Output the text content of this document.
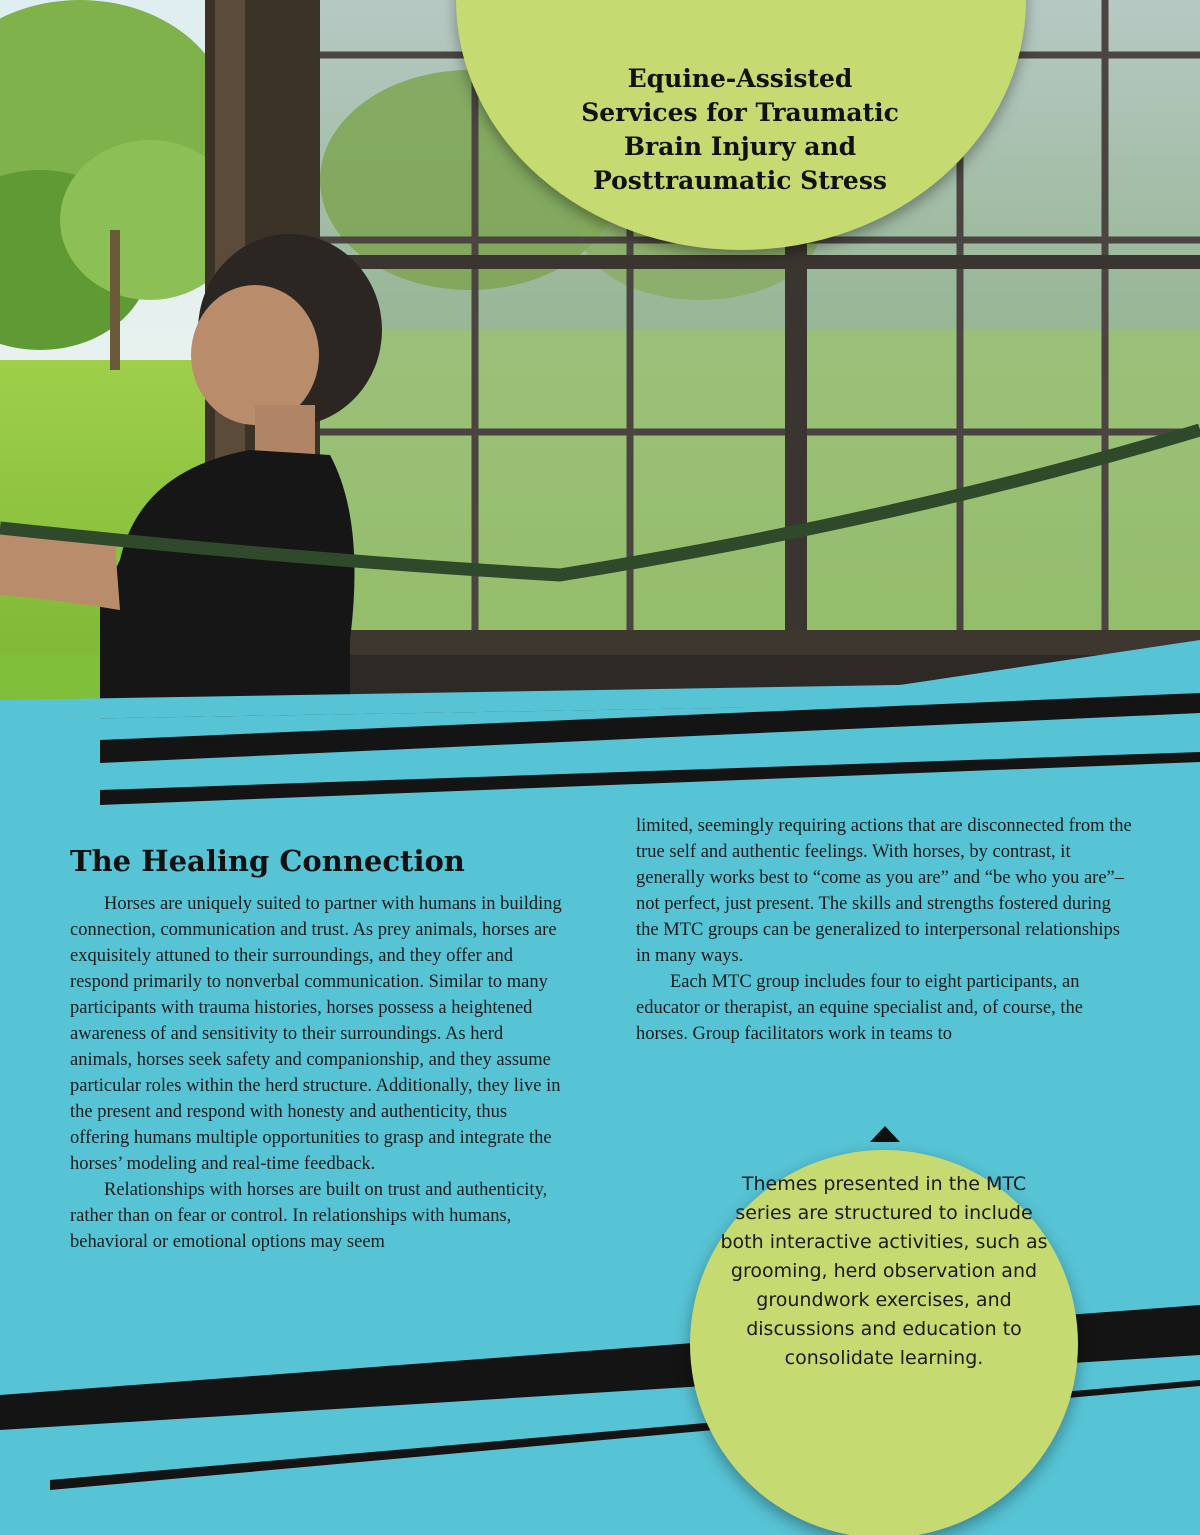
Equine-Assisted
Services for Traumatic
Brain Injury and
Posttraumatic Stress
The Healing Connection

Horses are uniquely suited to partner with humans in building connection, communication and trust. As prey animals, horses are exquisitely attuned to their surroundings, and they offer and respond primarily to nonverbal communication. Similar to many participants with trauma histories, horses possess a heightened awareness of and sensitivity to their surroundings. As herd animals, horses seek safety and companionship, and they assume particular roles within the herd structure. Additionally, they live in the present and respond with honesty and authenticity, thus offering humans multiple opportunities to grasp and integrate the horses’ modeling and real-time feedback.

Relationships with horses are built on trust and authenticity, rather than on fear or control. In relationships with humans, behavioral or emotional options may seem

limited, seemingly requiring actions that are disconnected from the true self and authentic feelings. With horses, by contrast, it generally works best to “come as you are” and “be who you are”–not perfect, just present. The skills and strengths fostered during the MTC groups can be generalized to interpersonal relationships in many ways.

Each MTC group includes four to eight participants, an educator or therapist, an equine specialist and, of course, the horses. Group facilitators work in teams to

Themes presented in the MTC series are structured to include both interactive activities, such as grooming, herd observation and groundwork exercises, and discussions and education to consolidate learning.
